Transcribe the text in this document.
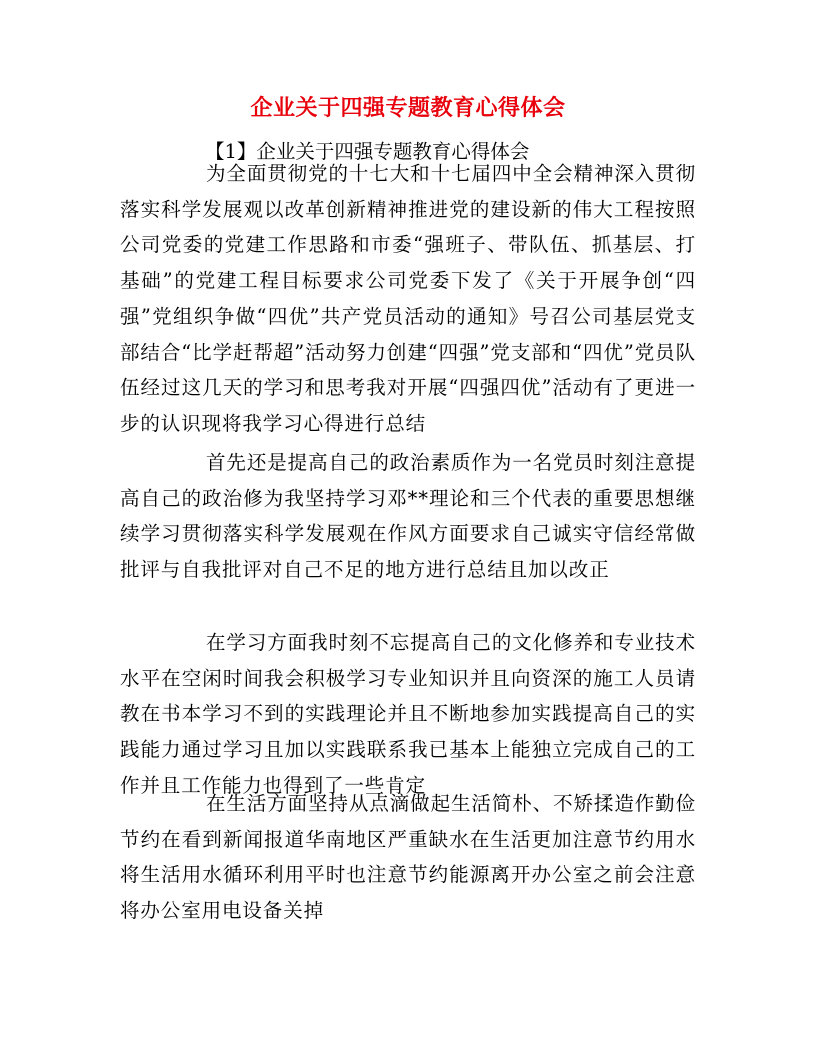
企业关于四强专题教育心得体会
【1】企业关于四强专题教育心得体会
为全面贯彻党的十七大和十七届四中全会精神深入贯彻落实科学发展观以改革创新精神推进党的建设新的伟大工程按照公司党委的党建工作思路和市委“强班子、带队伍、抓基层、打基础”的党建工程目标要求公司党委下发了《关于开展争创“四强”党组织争做“四优”共产党员活动的通知》号召公司基层党支部结合“比学赶帮超”活动努力创建“四强”党支部和“四优”党员队伍经过这几天的学习和思考我对开展“四强四优”活动有了更进一步的认识现将我学习心得进行总结
首先还是提高自己的政治素质作为一名党员时刻注意提高自己的政治修为我坚持学习邓**理论和三个代表的重要思想继续学习贯彻落实科学发展观在作风方面要求自己诚实守信经常做批评与自我批评对自己不足的地方进行总结且加以改正
在学习方面我时刻不忘提高自己的文化修养和专业技术水平在空闲时间我会积极学习专业知识并且向资深的施工人员请教在书本学习不到的实践理论并且不断地参加实践提高自己的实践能力通过学习且加以实践联系我已基本上能独立完成自己的工作并且工作能力也得到了一些肯定
在生活方面坚持从点滴做起生活简朴、不矫揉造作勤俭节约在看到新闻报道华南地区严重缺水在生活更加注意节约用水将生活用水循环利用平时也注意节约能源离开办公室之前会注意将办公室用电设备关掉
